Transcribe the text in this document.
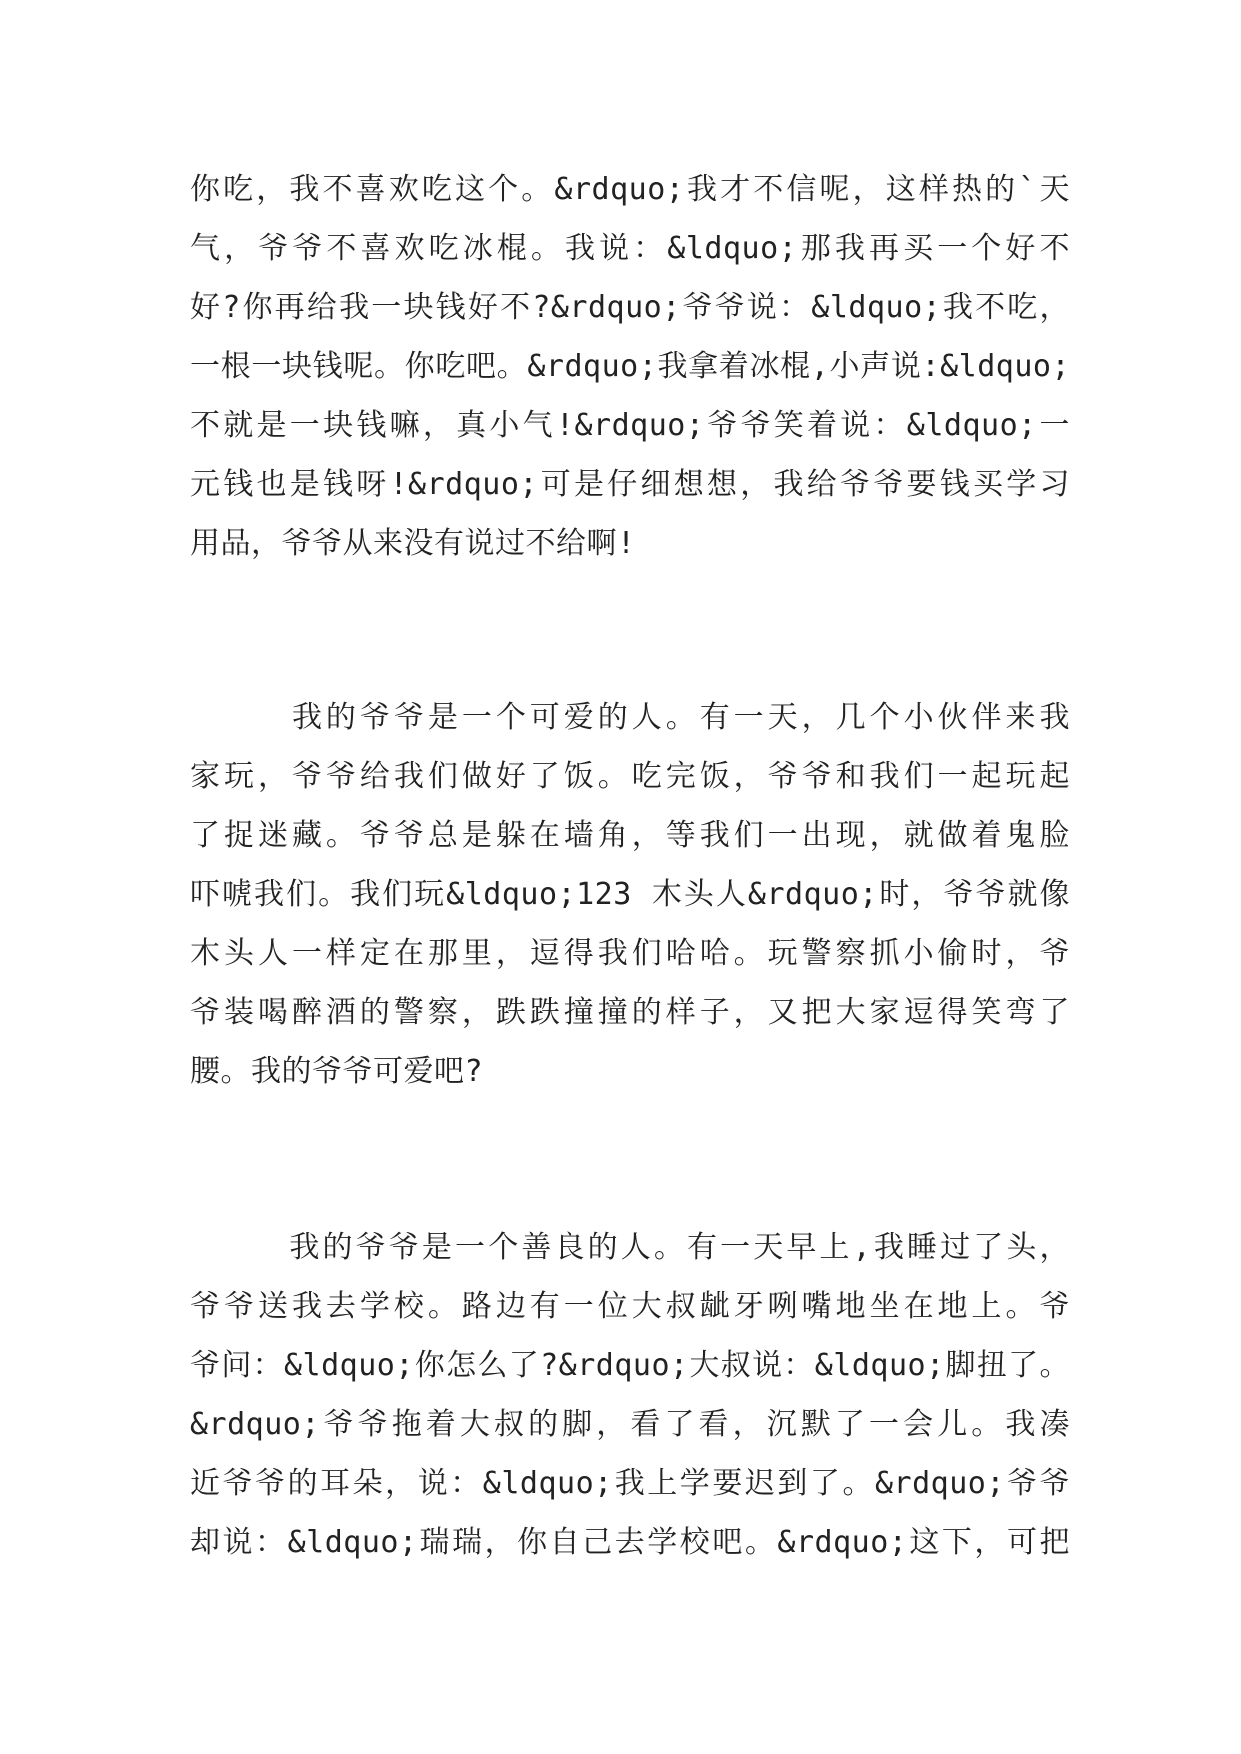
你吃，我不喜欢吃这个。&rdquo;我才不信呢，这样热的`天
气，爷爷不喜欢吃冰棍。我说：&ldquo;那我再买一个好不
好?你再给我一块钱好不?&rdquo;爷爷说：&ldquo;我不吃，
一根一块钱呢。你吃吧。&rdquo;我拿着冰棍,小声说:&ldquo;
不就是一块钱嘛，真小气!&rdquo;爷爷笑着说：&ldquo;一
元钱也是钱呀!&rdquo;可是仔细想想，我给爷爷要钱买学习
用品，爷爷从来没有说过不给啊!
　　　我的爷爷是一个可爱的人。有一天，几个小伙伴来我
家玩，爷爷给我们做好了饭。吃完饭，爷爷和我们一起玩起
了捉迷藏。爷爷总是躲在墙角，等我们一出现，就做着鬼脸
吓唬我们。我们玩&ldquo;123 木头人&rdquo;时，爷爷就像
木头人一样定在那里，逗得我们哈哈。玩警察抓小偷时，爷
爷装喝醉酒的警察，跌跌撞撞的样子，又把大家逗得笑弯了
腰。我的爷爷可爱吧?
　　　我的爷爷是一个善良的人。有一天早上,我睡过了头，
爷爷送我去学校。路边有一位大叔龇牙咧嘴地坐在地上。爷
爷问：&ldquo;你怎么了?&rdquo;大叔说：&ldquo;脚扭了。
&rdquo;爷爷拖着大叔的脚，看了看，沉默了一会儿。我凑
近爷爷的耳朵，说：&ldquo;我上学要迟到了。&rdquo;爷爷
却说：&ldquo;瑞瑞，你自己去学校吧。&rdquo;这下，可把
